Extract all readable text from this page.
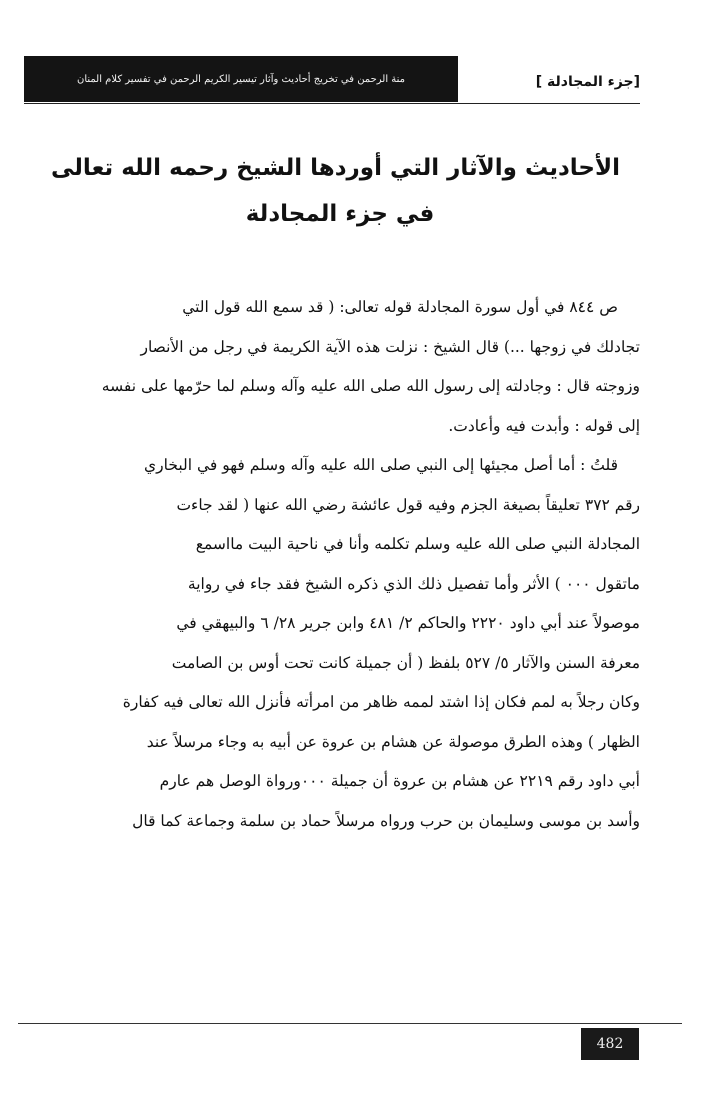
[جزء المجادلة ]
منة الرحمن في تخريج أحاديث وآثار تيسير الكريم الرحمن في تفسير كلام المنان
الأحاديث والآثار التي أوردها الشيخ رحمه الله تعالى
في جزء المجادلة
ص ٨٤٤ في أول سورة المجادلة قوله تعالى: ( قد سمع الله قول التي
تجادلك في زوجها ...) قال الشيخ : نزلت هذه الآية الكريمة في رجل من الأنصار
وزوجته قال : وجادلته إلى رسول الله صلى الله عليه وآله وسلم لما حرّمها على نفسه
إلى قوله : وأبدت فيه وأعادت.
قلتُ : أما أصل مجيئها إلى النبي صلى الله عليه وآله وسلم فهو في البخاري
رقم ٣٧٢ تعليقاً بصيغة الجزم وفيه قول عائشة رضي الله عنها ( لقد جاءت
المجادلة النبي صلى الله عليه وسلم تكلمه وأنا في ناحية البيت مااسمع
ماتقول ٠٠٠ ) الأثر وأما تفصيل ذلك الذي ذكره الشيخ فقد جاء في رواية
موصولاً عند أبي داود ٢٢٢٠ والحاكم ٢/ ٤٨١ وابن جرير ٢٨/ ٦ والبيهقي في
معرفة السنن والآثار ٥/ ٥٢٧ بلفظ ( أن جميلة كانت تحت أوس بن الصامت
وكان رجلاً به لمم فكان إذا اشتد لممه ظاهر من امرأته فأنزل الله تعالى فيه كفارة
الظهار ) وهذه الطرق موصولة عن هشام بن عروة عن أبيه به وجاء مرسلاً عند
أبي داود رقم ٢٢١٩ عن هشام بن عروة أن جميلة ٠٠٠ورواة الوصل هم عارم
وأسد بن موسى وسليمان بن حرب ورواه مرسلاً حماد بن سلمة وجماعة كما قال
482
